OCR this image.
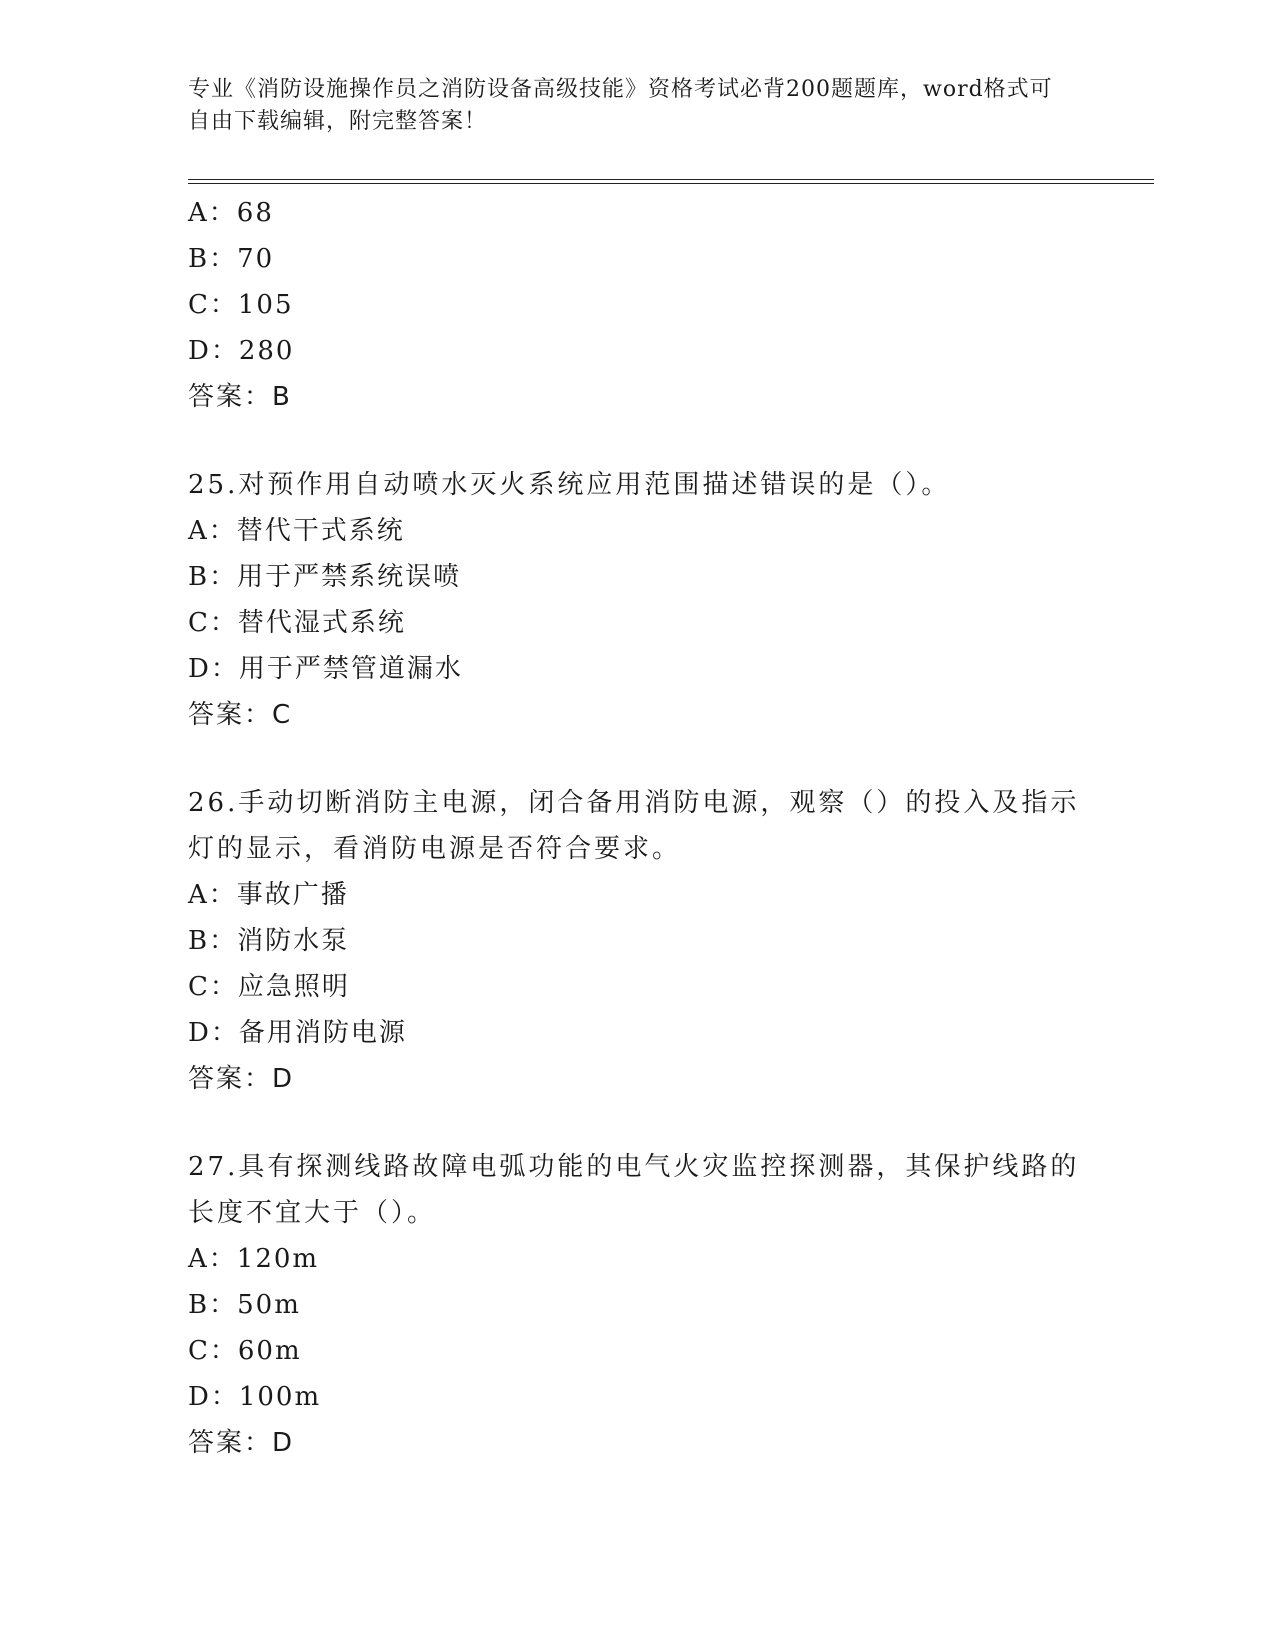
专业《消防设施操作员之消防设备高级技能》资格考试必背200题题库，word格式可自由下载编辑，附完整答案！
A：68
B：70
C：105
D：280
答案：B
25.对预作用自动喷水灭火系统应用范围描述错误的是（）。
A：替代干式系统
B：用于严禁系统误喷
C：替代湿式系统
D：用于严禁管道漏水
答案：C
26.手动切断消防主电源，闭合备用消防电源，观察（）的投入及指示灯的显示，看消防电源是否符合要求。
A：事故广播
B：消防水泵
C：应急照明
D：备用消防电源
答案：D
27.具有探测线路故障电弧功能的电气火灾监控探测器，其保护线路的长度不宜大于（）。
A：120m
B：50m
C：60m
D：100m
答案：D
